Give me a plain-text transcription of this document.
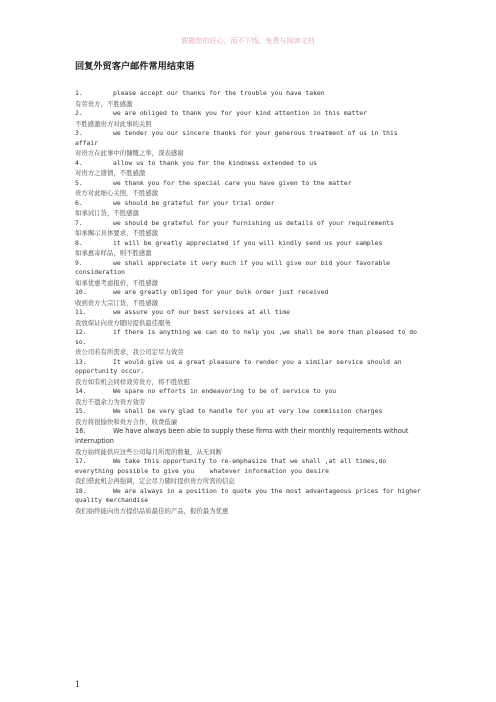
跟随您的好心，而不下线，免费与阅读文档
回复外贸客户邮件常用结束语
1.	please accept our thanks for the trouble you have taken
有劳贵方，不胜感激
2.	we are obliged to thank you for your kind attention in this matter
不胜感激贵方对此事的关照
3.	we tender you our sincere thanks for your generous treatment of us in this affair
对贵方在此事中的慷慨之举，深表感谢
4.	allow us to thank you for the kindness extended to us
对贵方之盛情，不胜感激
5.	we thank you for the special care you have given to the matter
贵方对此细心关照，不胜感激
6.	we should be grateful for your trial order
如承试订货，不胜感激
7.	we should be grateful for your furnishing us details of your requirements
如承赐示具体要求，不胜感激
8.	it will be greatly appreciated if you will kindly send us your samples
如承惠寄样品，则不胜感激
9.	we shall appreciate it very much if you will give our bid your favorable consideration
如承优惠考虑报价，不胜感激
10.	we are greatly obliged for your bulk order just received
收到贵方大宗订货，不胜感激
11.	we assure you of our best services at all time
我放保证向贵方随时提供最佳服务
12.	if there is anything we can do to help you ,we shall be more than pleased to do so.
贵公司若有所需求，我公司定尽力效劳
13.	It would give us a great pleasure to render you a similar service should an opportunity occur.
我方如有机会同样效劳贵方，将不胜欣慰
14.	We spare no efforts in endeavoring to be of service to you
我方不遗余力为贵方效劳
15.	We shall be very glad to handle for you at very low commission charges
我方将很愉快和贵方合作，收费低廉
16.	We have always been able to supply these firms with their monthly requirements without interruption
我方始终能供应这些公司每月所需的数量，从无间断
17.	We take this opportunity to re-emphasize that we shall ,at all times,do everything possible to give you    whatever information you desire
我们借此机会再强调，定会尽力随时提供贵方所需的信息
18.	We are always in a position to quote you the most advantageous prices for higher quality merchandise
我们始终能向贵方提供品质最佳的产品，报价最为优惠
1
